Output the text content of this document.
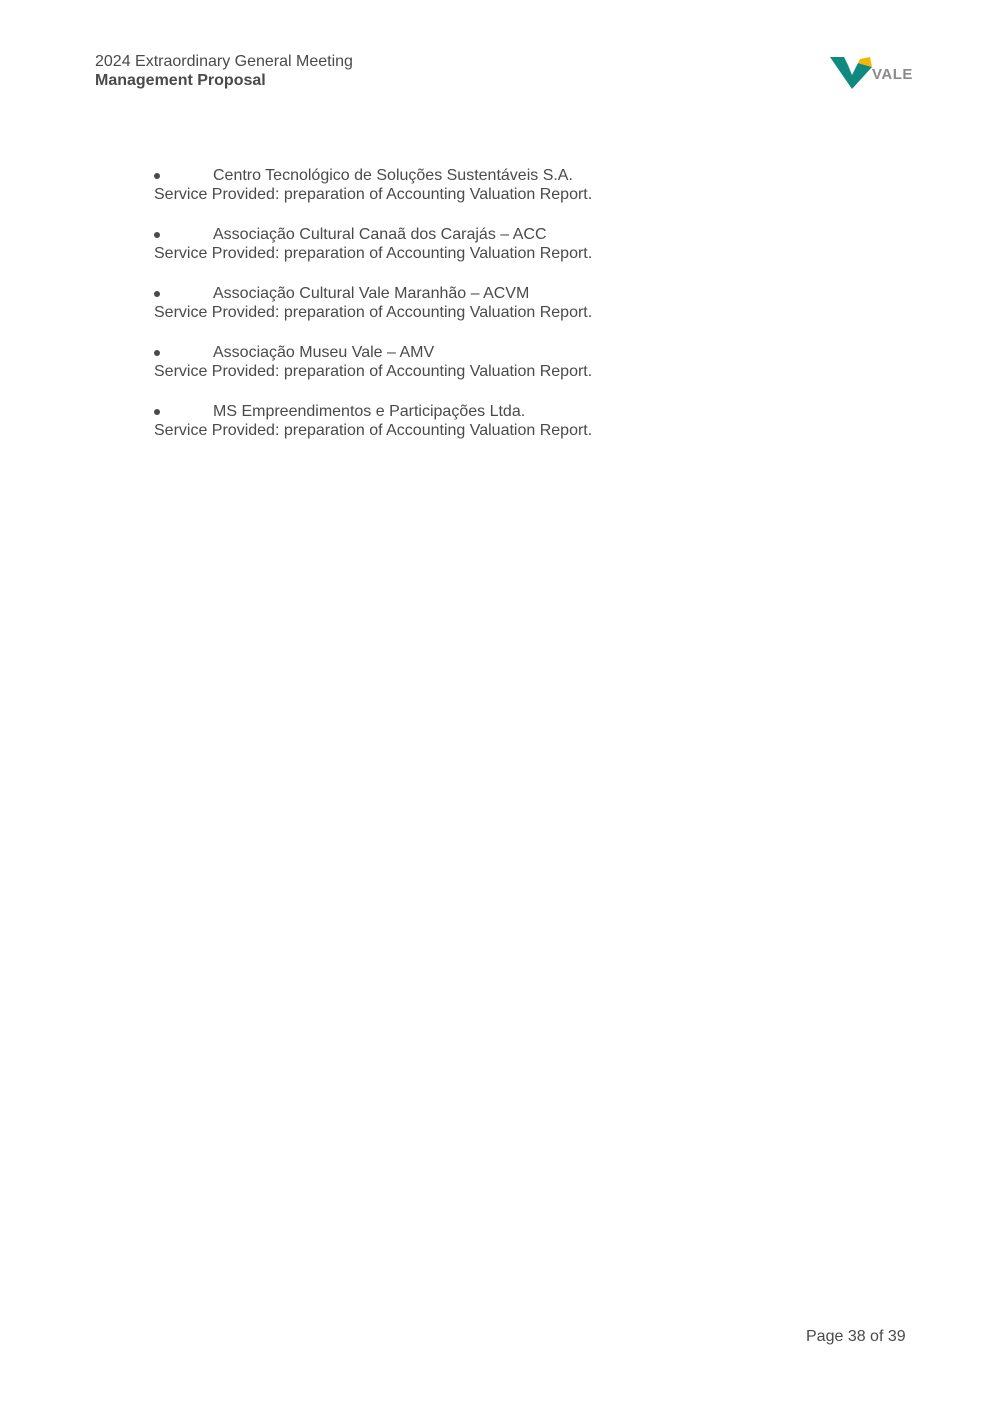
2024 Extraordinary General Meeting
Management Proposal	VALE
Centro Tecnológico de Soluções Sustentáveis S.A.
Service Provided: preparation of Accounting Valuation Report.
Associação Cultural Canaã dos Carajás – ACC
Service Provided: preparation of Accounting Valuation Report.
Associação Cultural Vale Maranhão – ACVM
Service Provided: preparation of Accounting Valuation Report.
Associação Museu Vale – AMV
Service Provided: preparation of Accounting Valuation Report.
MS Empreendimentos e Participações Ltda.
Service Provided: preparation of Accounting Valuation Report.
Page 38 of 39
